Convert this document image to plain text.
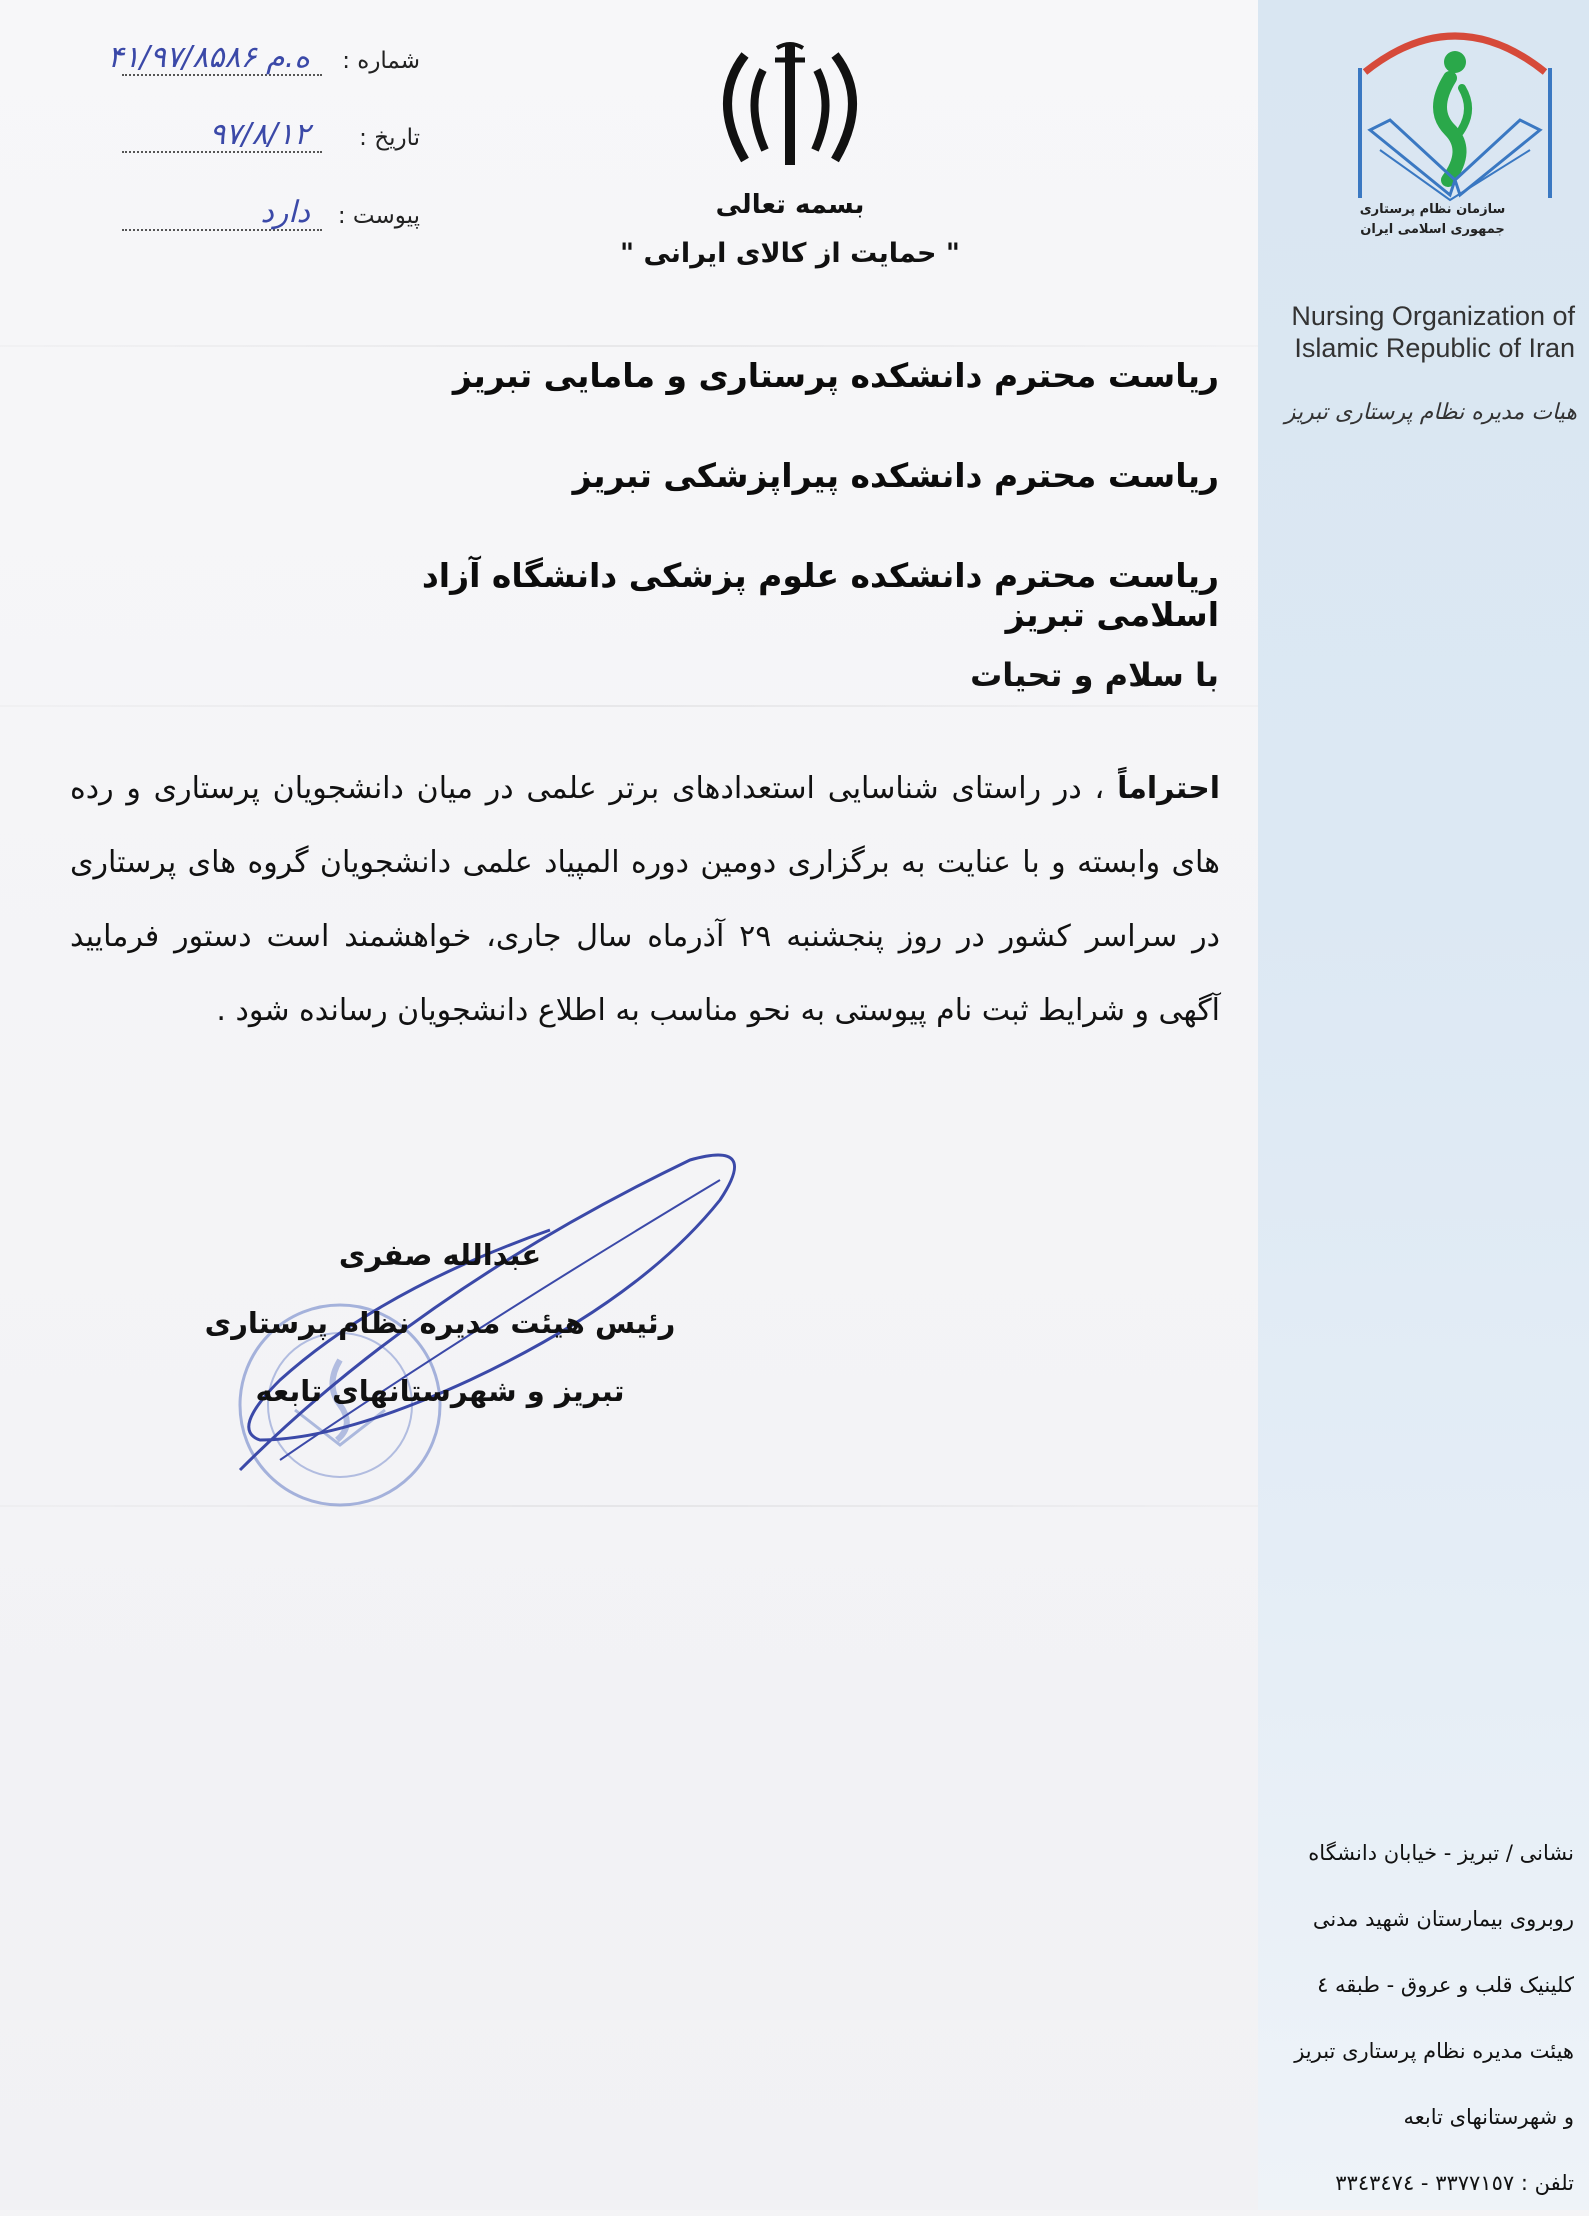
سازمان نظام پرستاری
جمهوری اسلامی ایران
Nursing Organization of
Islamic Republic of Iran
هیات مدیره نظام پرستاری تبریز
نشانی / تبریز - خیابان دانشگاه
روبروی بیمارستان شهید مدنی
کلینیک قلب و عروق - طبقه ٤
هیئت مدیره نظام پرستاری تبریز
و شهرستانهای تابعه
تلفن : ٣٣٧٧١٥٧ - ٣٣٤٣٤٧٤
شماره :
۴۱/۹۷/۸۵۸۶ ه.م
تاریخ :
۹۷/۸/۱۲
پیوست :
دارد	بسمه تعالی
" حمایت از کالای ایرانی "
ریاست محترم دانشکده پرستاری و مامایی تبریز
ریاست محترم دانشکده پیراپزشکی تبریز
ریاست محترم دانشکده علوم پزشکی دانشگاه آزاد اسلامی تبریز
با سلام و تحیات
احتراماً ، در راستای شناسایی استعدادهای برتر علمی در میان دانشجویان پرستاری و رده های وابسته و با عنایت به برگزاری دومین دوره المپیاد علمی دانشجویان گروه های پرستاری در سراسر کشور در روز پنجشنبه ۲۹ آذرماه سال جاری، خواهشمند است دستور فرمایید آگهی و شرایط ثبت نام پیوستی به نحو مناسب به اطلاع دانشجویان رسانده شود .
عبدالله صفری
رئیس هیئت مدیره نظام پرستاری
تبریز و شهرستانهای تابعه
